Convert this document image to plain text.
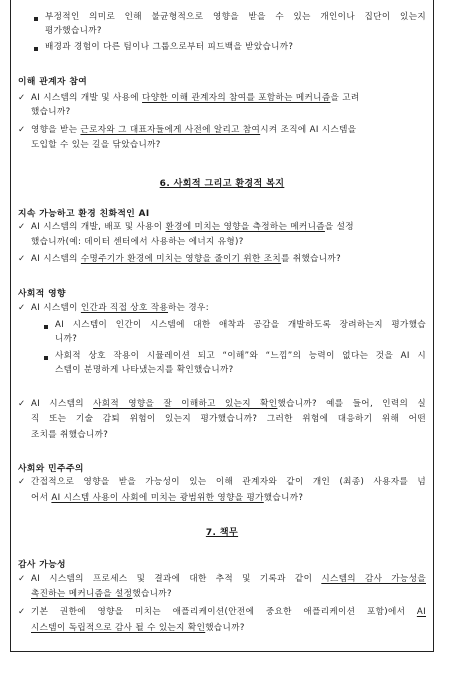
부정적인 의미로 인해 불균형적으로 영향을 받을 수 있는 개인이나 집단이 있는지
평가했습니까?
배경과 경험이 다른 팀이나 그룹으로부터 피드백을 받았습니까?
이해 관계자 참여
✓ AI 시스템의 개발 및 사용에 다양한 이해 관계자의 참여를 포함하는 메커니즘을 고려
했습니까?
✓ 영향을 받는 근로자와 그 대표자들에게 사전에 알리고 참여시켜 조직에 AI 시스템을
도입할 수 있는 길을 닦았습니까?
6. 사회적 그리고 환경적 복지
지속 가능하고 환경 친화적인 AI
✓ AI 시스템의 개발, 배포 및 사용이 환경에 미치는 영향을 측정하는 메커니즘을 설정
했습니까(예: 데이터 센터에서 사용하는 에너지 유형)?
✓ AI 시스템의 수명주기가 환경에 미치는 영향을 줄이기 위한 조치를 취했습니까?
사회적 영향
✓ AI 시스템이 인간과 직접 상호 작용하는 경우:
AI 시스템이 인간이 시스템에 대한 애착과 공감을 개발하도록 장려하는지 평가했습
니까?
사회적 상호 작용이 시뮬레이션 되고 “이해”와 “느낌”의 능력이 없다는 것을 AI 시
스템이 분명하게 나타냈는지를 확인했습니까?
✓ AI 시스템의 사회적 영향을 잘 이해하고 있는지 확인했습니까? 예를 들어, 인력의 실
직 또는 기술 감퇴 위험이 있는지 평가했습니까? 그러한 위험에 대응하기 위해 어떤
조치를 취했습니까?
사회와 민주주의
✓ 간접적으로 영향을 받을 가능성이 있는 이해 관계자와 같이 개인 (최종) 사용자를 넘
어서 AI 시스템 사용이 사회에 미치는 광범위한 영향을 평가했습니까?
7. 책무
감사 가능성
✓ AI 시스템의 프로세스 및 결과에 대한 추적 및 기록과 같이 시스템의 감사 가능성을
촉진하는 메커니즘을 설정했습니까?
✓ 기본 권한에 영향을 미치는 애플리케이션(안전에 중요한 애플리케이션 포함)에서 AI
시스템이 독립적으로 감사 될 수 있는지 확인했습니까?
